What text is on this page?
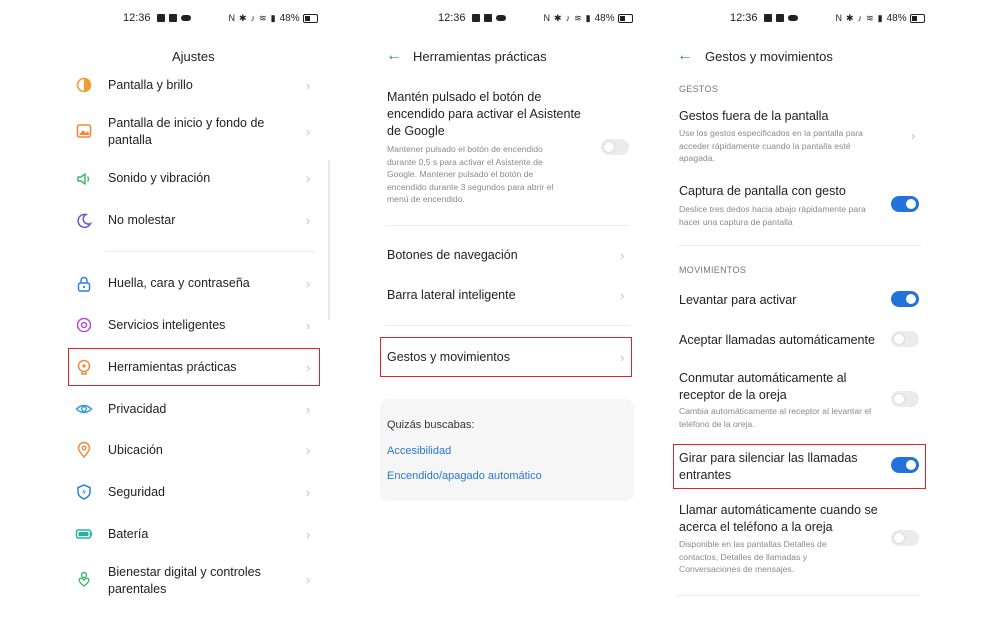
12:36	N ✱ ♪ ≋ ▮ 48%
Ajustes
Pantalla y brillo	›
Pantalla de inicio y fondo de pantalla
›
Sonido y vibración	›
No molestar	›
Huella, cara y contraseña	›
Servicios inteligentes	›
Herramientas prácticas	›
Privacidad	›
Ubicación	›
Seguridad	›
Batería	›
Bienestar digital y controles parentales
›
12:36	N ✱ ♪ ≋ ▮ 48%
← Herramientas prácticas
Mantén pulsado el botón de encendido para activar el Asistente de Google
Mantener pulsado el botón de encendido durante 0,5 s para activar el Asistente de Google. Mantener pulsado el botón de encendido durante 3 segundos para abrir el menú de encendido.
Botones de navegación	›
Barra lateral inteligente	›
Gestos y movimientos	›
Quizás buscabas:
Accesibilidad
Encendido/apagado automático
12:36	N ✱ ♪ ≋ ▮ 48%
← Gestos y movimientos
GESTOS
Gestos fuera de la pantalla
Use los gestos especificados en la pantalla para acceder rápidamente cuando la pantalla esté apagada.
›
Captura de pantalla con gesto
Deslice tres dedos hacia abajo rápidamente para hacer una captura de pantalla
MOVIMIENTOS
Levantar para activar
Aceptar llamadas automáticamente
Conmutar automáticamente al receptor de la oreja
Cambia automáticamente al receptor al levantar el teléfono de la oreja.
Girar para silenciar las llamadas entrantes
Llamar automáticamente cuando se acerca el teléfono a la oreja
Disponible en las pantallas Detalles de contactos, Detalles de llamadas y Conversaciones de mensajes.
